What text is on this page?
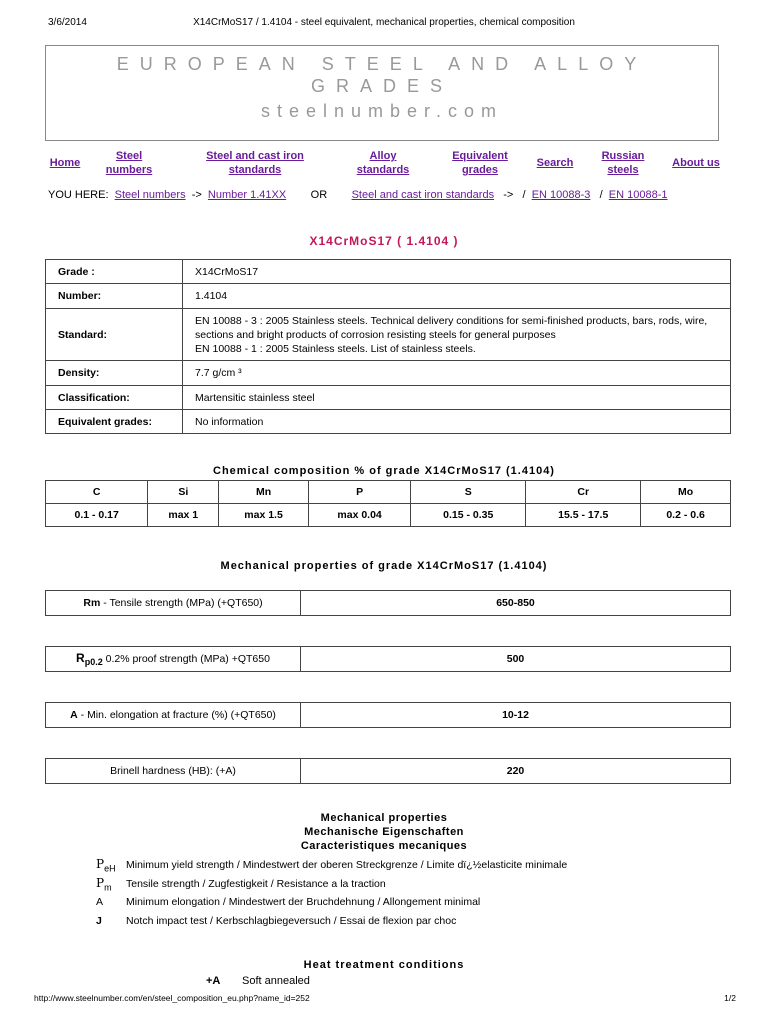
3/6/2014	X14CrMoS17 / 1.4104 - steel equivalent, mechanical properties, chemical composition
EUROPEAN STEEL AND ALLOY GRADES
steelnumber.com
Home
Steel numbers
Steel and cast iron standards
Alloy standards
Equivalent grades
Search
Russian steels
About us
YOU HERE: Steel numbers -> Number 1.41XX OR Steel and cast iron standards -> / EN 10088-3 / EN 10088-1
X14CrMoS17 ( 1.4104 )
Grade :	X14CrMoS17
Number:	1.4104
Standard:	EN 10088 - 3 : 2005 Stainless steels. Technical delivery conditions for semi-finished products, bars, rods, wire, sections and bright products of corrosion resisting steels for general purposes
EN 10088 - 1 : 2005 Stainless steels. List of stainless steels.

Density:	7.7 g/cm ³
Classification:	Martensitic stainless steel
Equivalent grades:	No information
Chemical composition % of grade X14CrMoS17 (1.4104)
C	Si	Mn	P	S	Cr	Mo
0.1 - 0.17	max 1	max 1.5	max 0.04	0.15 - 0.35	15.5 - 17.5	0.2 - 0.6
Mechanical properties of grade X14CrMoS17 (1.4104)
Rm - Tensile strength (MPa) (+QT650)	650-850
$R_{p0.2}$ 0.2% proof strength (MPa) +QT650	500
A - Min. elongation at fracture (%) (+QT650)	10-12
Brinell hardness (HB): (+A)	220
Mechanical properties
Mechanische Eigenschaften
Caracteristiques mecaniques
$P_{eH}$ Minimum yield strength / Mindestwert der oberen Streckgrenze / Limite dï¿½elasticite minimale
$P_m$ Tensile strength / Zugfestigkeit / Resistance a la traction
A Minimum elongation / Mindestwert der Bruchdehnung / Allongement minimal
J Notch impact test / Kerbschlagbiegeversuch / Essai de flexion par choc
Heat treatment conditions
+A Soft annealed
http://www.steelnumber.com/en/steel_composition_eu.php?name_id=252	1/2
